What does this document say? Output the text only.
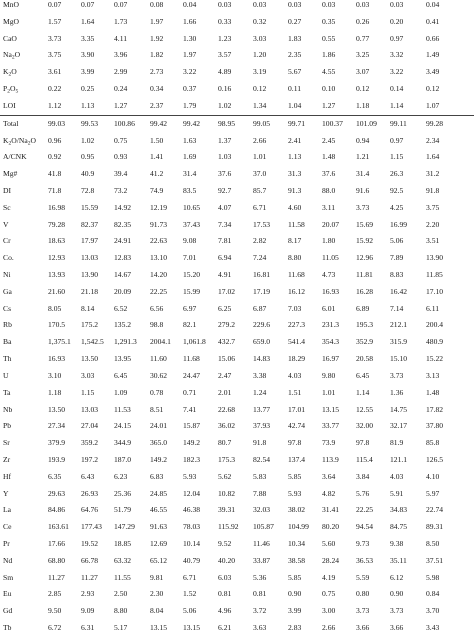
MnO	0.07	0.07	0.07	0.08	0.04	0.03	0.03	0.03	0.03	0.03	0.03	0.04
MgO	1.57	1.64	1.73	1.97	1.66	0.33	0.32	0.27	0.35	0.26	0.20	0.41
CaO	3.73	3.35	4.11	1.92	1.30	1.23	3.03	1.83	0.55	0.77	0.97	0.66
$Na_2O$	3.75	3.90	3.96	1.82	1.97	3.57	1.20	2.35	1.86	3.25	3.32	1.49
$K_2O$	3.61	3.99	2.99	2.73	3.22	4.89	3.19	5.67	4.55	3.07	3.22	3.49
$P_2O_5$	0.22	0.25	0.24	0.34	0.37	0.16	0.12	0.11	0.10	0.12	0.14	0.12
LOI	1.12	1.13	1.27	2.37	1.79	1.02	1.34	1.04	1.27	1.18	1.14	1.07
Total	99.03 99.53 100.86 99.42 99.42 98.95 99.05 99.71 100.37 101.09 99.11	99.28
$K_2O/Na_2O$ 0.96	1.02	0.75	1.50	1.63	1.37	2.66	2.41	2.45	0.94	0.97	2.34
A/CNK	0.92	0.95	0.93	1.41	1.69	1.03	1.01	1.13	1.48	1.21	1.15	1.64
Mg#	41.8	40.9	39.4	41.2	31.4	37.6	37.0	31.3	37.6	31.4	26.3	31.2
DI	71.8	72.8	73.2	74.9	83.5	92.7	85.7	91.3	88.0	91.6	92.5	91.8
Sc	16.98 15.59 14.92 12.19 10.65 4.07	6.71	4.60	3.11	3.73	4.25	3.75
V	79.28 82.37 82.35 91.73 37.43 7.34	17.53 11.58 20.07 15.69 16.99 2.20
Cr	18.63 17.97 24.91 22.63 9.08	7.81	2.82	8.17	1.80	15.92 5.06	3.51
Co.	12.93 13.03 12.83 13.10 7.01	6.94	7.24	8.80	11.05 12.96 7.89	13.90
Ni	13.93 13.90 14.67 14.20 15.20 4.91	16.81 11.68 4.73	11.81 8.83	11.85
Ga	21.60 21.18 20.09 22.25 15.99 17.02 17.19 16.12 16.93 16.28 16.42 17.10
Cs	8.05	8.14	6.52	6.56	6.97	6.25	6.87	7.03	6.01	6.89	7.14	6.11
Rb	170.5 175.2 135.2 98.8	82.1	279.2 229.6 227.3 231.3 195.3 212.1 200.4
Ba	1,375.1 1,542.5 1,291.3 2004.1 1,061.8 432.7 659.0 541.4 354.3 352.9 315.9 480.9
Th	16.93 13.50 13.95 11.60 11.68 15.06 14.83 18.29 16.97 20.58 15.10 15.22
U	3.10	3.03	6.45	30.62 24.47 2.47	3.38	4.03	9.80	6.45	3.73	3.13
Ta	1.18	1.15	1.09	0.78	0.71	2.01	1.24	1.51	1.01	1.14	1.36	1.48
Nb	13.50 13.03 11.53	8.51	7.41	22.68 13.77 17.01 13.15 12.55 14.75 17.82
Pb	27.34 27.04 24.15 24.01 15.87 36.02 37.93 42.74 33.77 32.00 32.17 37.80
Sr	379.9 359.2 344.9 365.0 149.2 80.7	91.8	97.8	73.9	97.8	81.9	85.8
Zr	193.9 197.2 187.0 149.2 182.3 175.3 82.54 137.4 113.9 115.4 121.1 126.5
Hf	6.35	6.43	6.23	6.83	5.93	5.62	5.83	5.85	3.64	3.84	4.03	4.10
Y	29.63 26.93 25.36 24.85 12.04 10.82 7.88	5.93	4.82	5.76	5.91	5.97
La	84.86 64.76 51.79 46.55 46.38 39.31 32.03 38.02 31.41 22.25 34.83 22.74
Ce	163.61 177.43 147.29 91.63 78.03 115.92 105.87 104.99 80.20 94.54 84.75 89.31
Pr	17.66 19.52 18.85 12.69 10.14 9.52	11.46 10.34 5.60	9.73	9.38	8.50
Nd	68.80 66.78 63.32 65.12 40.79 40.20 33.87 38.58 28.24 36.53 35.11	37.51
Sm	11.27 11.27 11.55	9.81	6.71	6.03	5.36	5.85	4.19	5.59	6.12	5.98
Eu	2.85	2.93	2.50	2.30	1.52	0.81	0.81	0.90	0.75	0.80	0.90	0.84
Gd	9.50	9.09	8.80	8.04	5.06	4.96	3.72	3.99	3.00	3.73	3.73	3.70
Tb	6.72	6.31	5.17	13.15 13.15 6.21	3.63	2.83	2.66	3.66	3.66	3.43
